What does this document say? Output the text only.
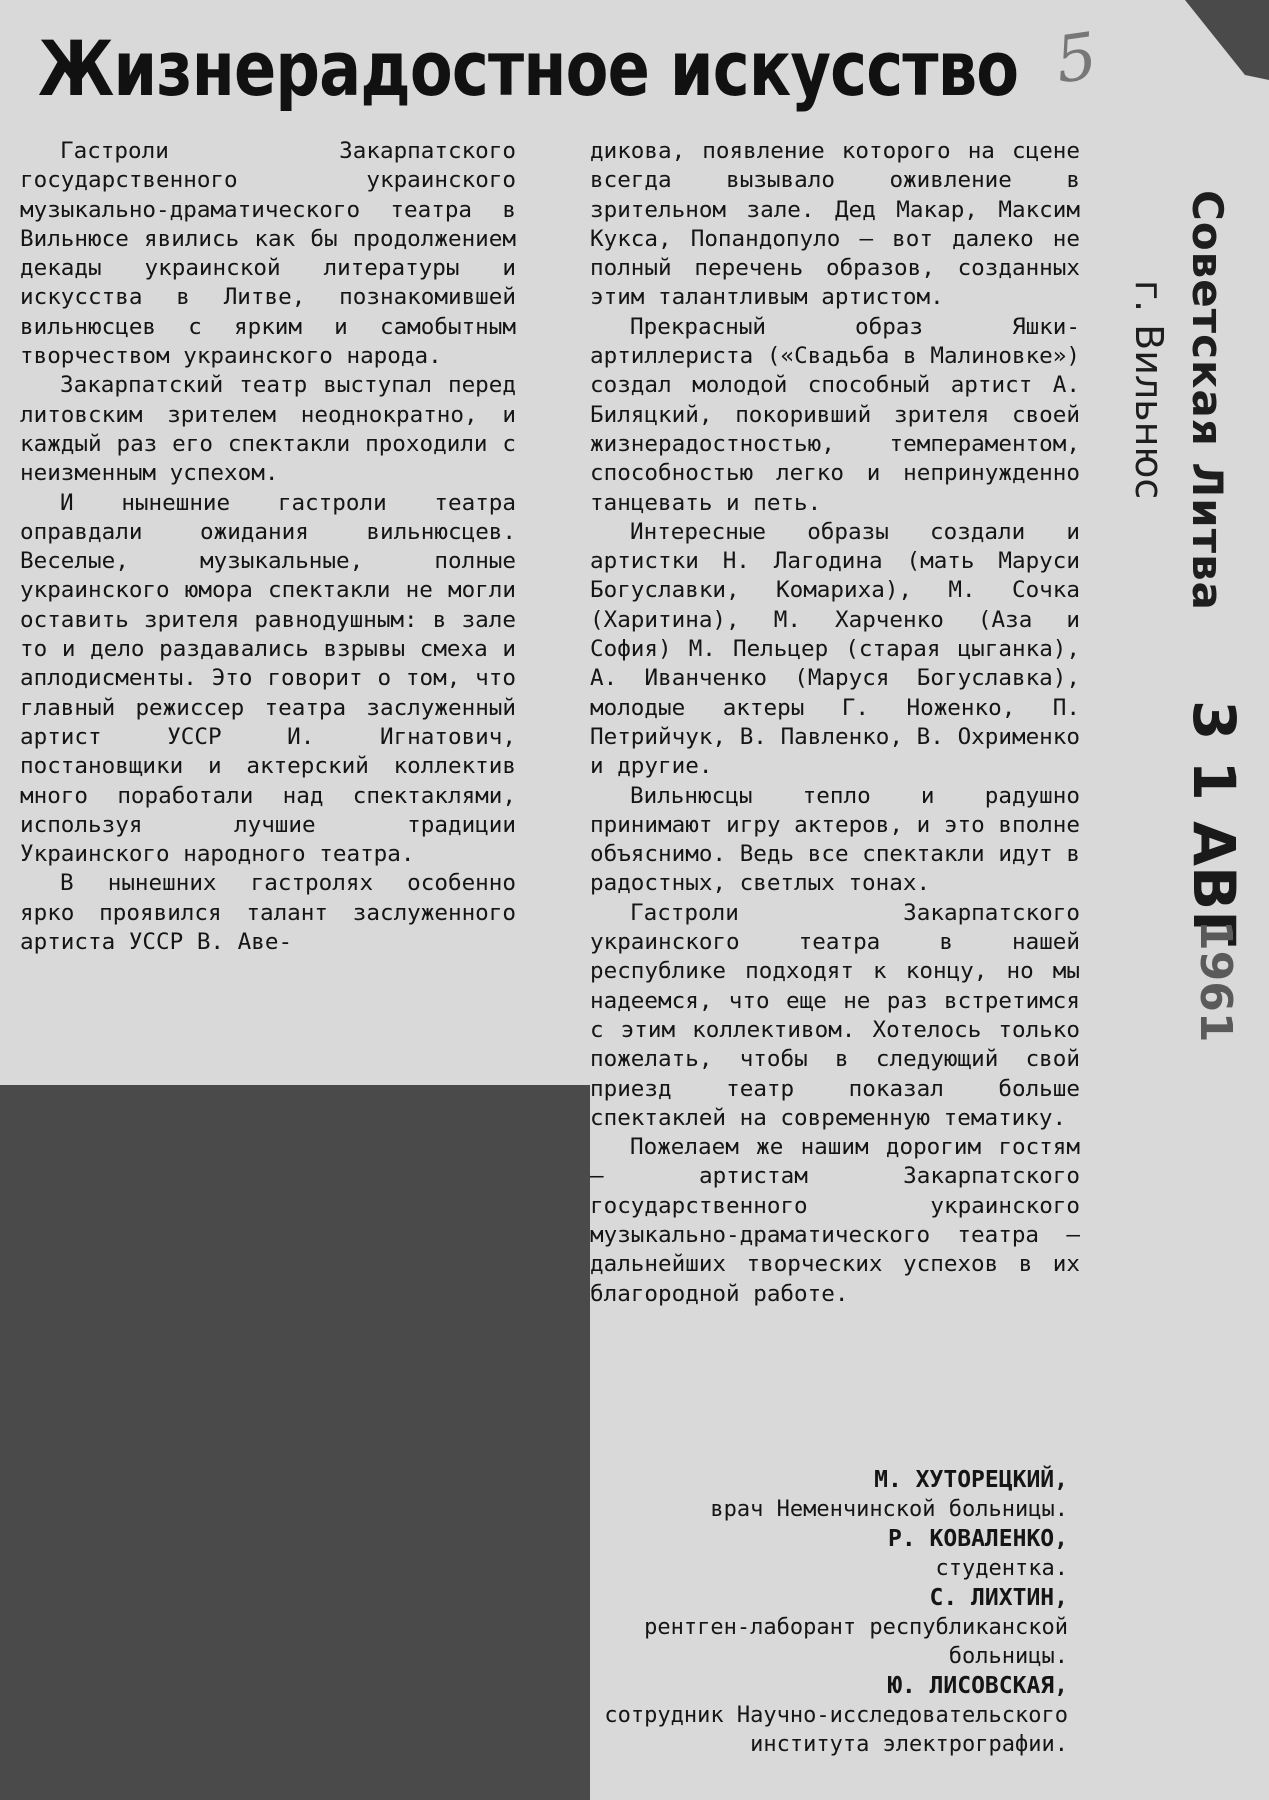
Жизнерадостное искусство 5

Гастроли Закарпатского государственного украинского музыкально-драматического театра в Вильнюсе явились как бы продолжением декады украинской литературы и искусства в Литве, познакомившей вильнюсцев с ярким и самобытным творчеством украинского народа.

Закарпатский театр выступал перед литовским зрителем неоднократно, и каждый раз его спектакли проходили с неизменным успехом.

И нынешние гастроли театра оправдали ожидания вильнюсцев. Веселые, музыкальные, полные украинского юмора спектакли не могли оставить зрителя равнодушным: в зале то и дело раздавались взрывы смеха и аплодисменты. Это говорит о том, что главный режиссер театра заслуженный артист УССР И. Игнатович, постановщики и актерский коллектив много поработали над спектаклями, используя лучшие традиции Украинского народного театра.

В нынешних гастролях особенно ярко проявился талант заслуженного артиста УССР В. Аве-

дикова, появление которого на сцене всегда вызывало оживление в зрительном зале. Дед Макар, Максим Кукса, Попандопуло — вот далеко не полный перечень образов, созданных этим талантливым артистом.

Прекрасный образ Яшки-артиллериста («Свадьба в Малиновке») создал молодой способный артист А. Биляцкий, покоривший зрителя своей жизнерадостностью, темпераментом, способностью легко и непринужденно танцевать и петь.

Интересные образы создали и артистки Н. Лагодина (мать Маруси Богуславки, Комариха), М. Сочка (Харитина), М. Харченко (Аза и София) М. Пельцер (старая цыганка), А. Иванченко (Маруся Богуславка), молодые актеры Г. Ноженко, П. Петрийчук, В. Павленко, В. Охрименко и другие.

Вильнюсцы тепло и радушно принимают игру актеров, и это вполне объяснимо. Ведь все спектакли идут в радостных, светлых тонах.

Гастроли Закарпатского украинского театра в нашей республике подходят к концу, но мы надеемся, что еще не раз встретимся с этим коллективом. Хотелось только пожелать, чтобы в следующий свой приезд театр показал больше спектаклей на современную тематику.

Пожелаем же нашим дорогим гостям — артистам Закарпатского государственного украинского музыкально-драматического театра — дальнейших творческих успехов в их благородной работе.

М. ХУТОРЕЦКИЙ,
врач Неменчинской больницы.
Р. КОВАЛЕНКО,
студентка.
С. ЛИХТИН,
рентген-лаборант республиканской больницы.
Ю. ЛИСОВСКАЯ,
сотрудник Научно-исследовательского института электрографии.
Советская Литва
г. Вильнюс
3 1 АВГ
1961
